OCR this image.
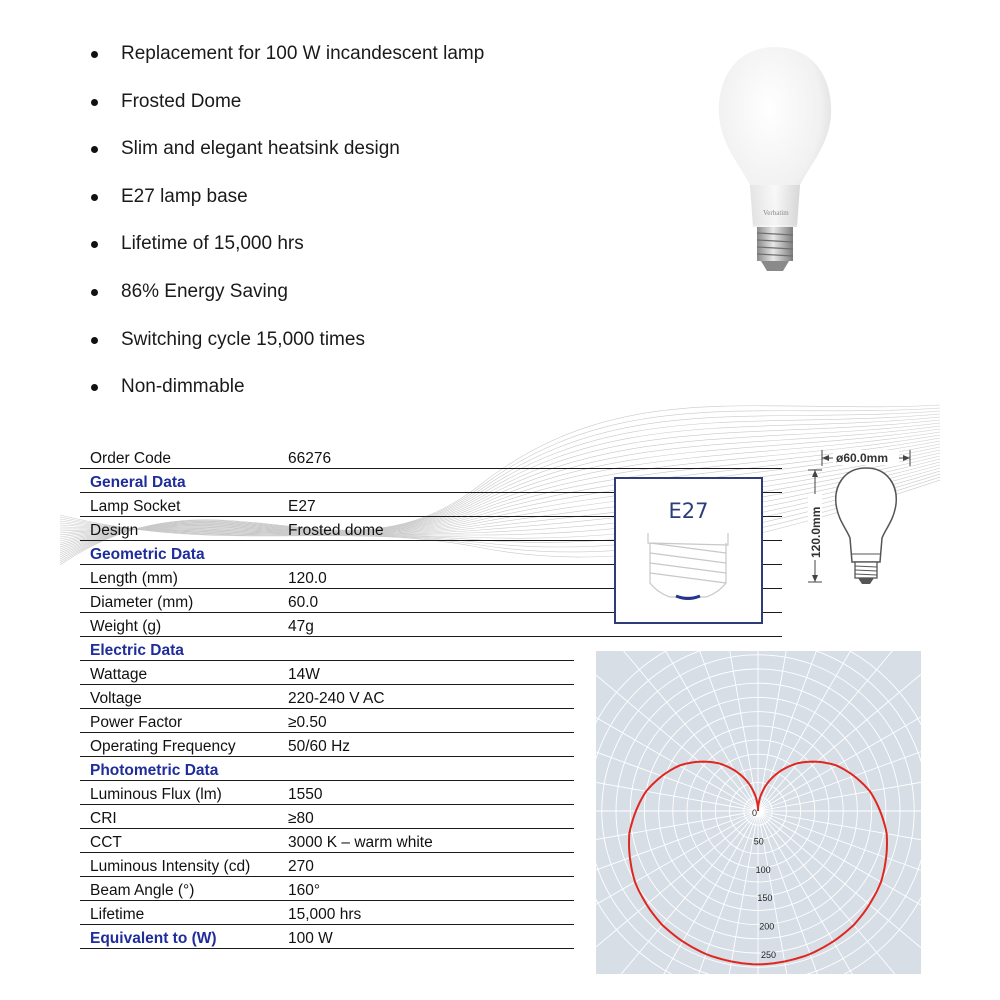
Replacement for 100 W incandescent lamp
Frosted Dome
Slim and elegant heatsink design
E27 lamp base
Lifetime of 15,000 hrs
86% Energy Saving
Switching cycle 15,000 times
Non-dimmable
Verbatim
Order Code	66276	
General Data		
Lamp Socket	E27	
Design	Frosted dome	
Geometric Data		
Length (mm)	120.0	
Diameter (mm)	60.0	
Weight (g)	47g	
Electric Data		
Wattage	14W	
Voltage	220-240 V AC	
Power Factor	≥0.50	
Operating Frequency	50/60 Hz	
Photometric Data		
Luminous Flux (lm)	1550	
CRI	≥80	
CCT	3000 K – warm white	
Luminous Intensity (cd)	270	
Beam Angle (°)	160°	
Lifetime	15,000 hrs	
Equivalent to (W)	100 W	
E27
ø60.0mm
120.0mm
0
50
100
150
200
250
